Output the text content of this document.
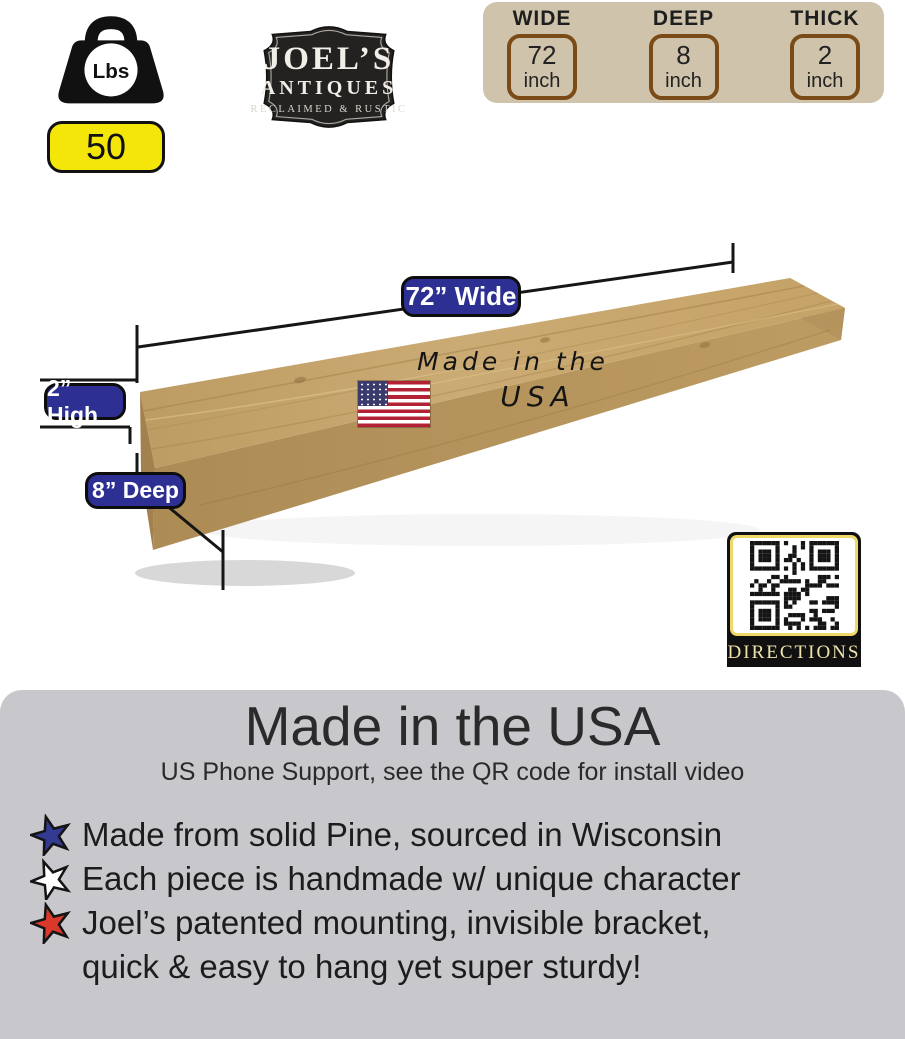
Lbs
50
JOEL’S
ANTIQUES
RECLAIMED & RUSTIC
WIDE
72
inch
DEEP
8
inch
THICK
2
inch
72” Wide
2” High
8” Deep
Made in the
USA
DIRECTIONS
Made in the USA
US Phone Support, see the QR code for install video
Made from solid Pine, sourced in Wisconsin
Each piece is handmade w/ unique character
Joel’s patented mounting, invisible bracket,
quick & easy to hang yet super sturdy!
